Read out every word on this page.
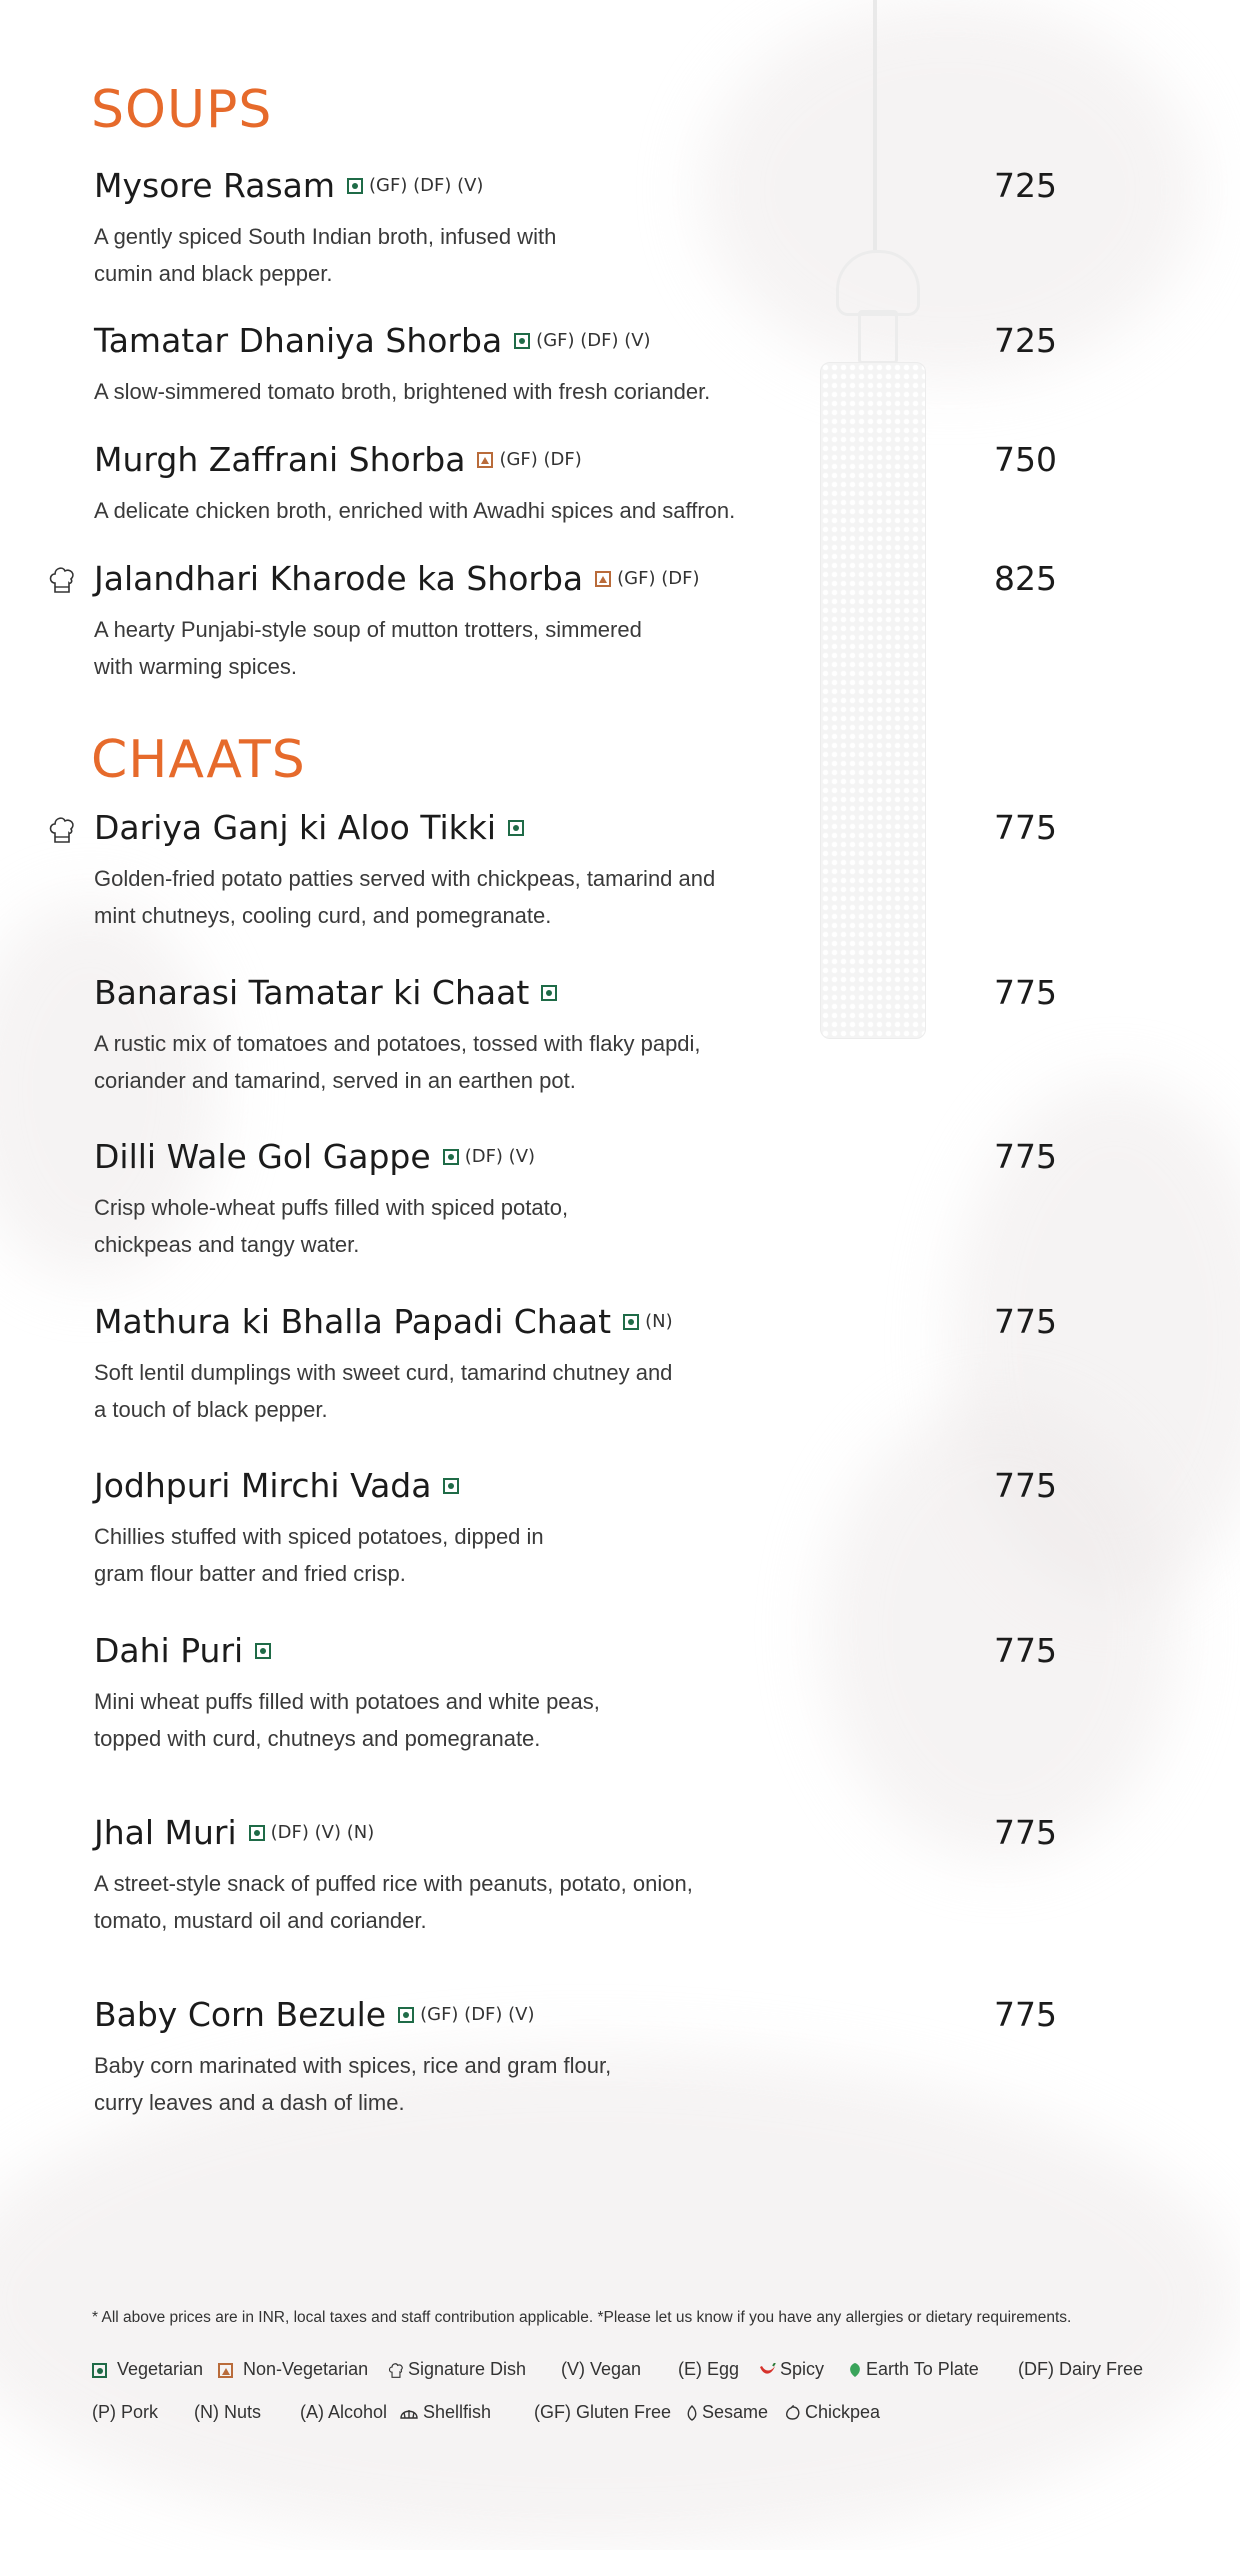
SOUPS
Mysore Rasam (GF) (DF) (V)	725
A gently spiced South Indian broth, infused with
cumin and black pepper.
Tamatar Dhaniya Shorba (GF) (DF) (V)	725
A slow-simmered tomato broth, brightened with fresh coriander.
Murgh Zaffrani Shorba (GF) (DF)	750
A delicate chicken broth, enriched with Awadhi spices and saffron.
Jalandhari Kharode ka Shorba (GF) (DF)	825
A hearty Punjabi-style soup of mutton trotters, simmered
with warming spices.
CHAATS
Dariya Ganj ki Aloo Tikki	775
Golden-fried potato patties served with chickpeas, tamarind and
mint chutneys, cooling curd, and pomegranate.
Banarasi Tamatar ki Chaat	775
A rustic mix of tomatoes and potatoes, tossed with flaky papdi,
coriander and tamarind, served in an earthen pot.
Dilli Wale Gol Gappe (DF) (V)	775
Crisp whole-wheat puffs filled with spiced potato,
chickpeas and tangy water.
Mathura ki Bhalla Papadi Chaat (N)	775
Soft lentil dumplings with sweet curd, tamarind chutney and
a touch of black pepper.
Jodhpuri Mirchi Vada	775
Chillies stuffed with spiced potatoes, dipped in
gram flour batter and fried crisp.
Dahi Puri	775
Mini wheat puffs filled with potatoes and white peas,
topped with curd, chutneys and pomegranate.
Jhal Muri (DF) (V) (N)	775
A street-style snack of puffed rice with peanuts, potato, onion,
tomato, mustard oil and coriander.
Baby Corn Bezule (GF) (DF) (V)	775
Baby corn marinated with spices, rice and gram flour,
curry leaves and a dash of lime.
* All above prices are in INR, local taxes and staff contribution applicable. *Please let us know if you have any allergies or dietary requirements.
Vegetarian	Non-Vegetarian	Signature Dish (V) Vegan (E) Egg	Spicy	Earth To Plate (DF) Dairy Free
(P) Pork (N) Nuts (A) Alcohol	Shellfish (GF) Gluten Free	Sesame	Chickpea
